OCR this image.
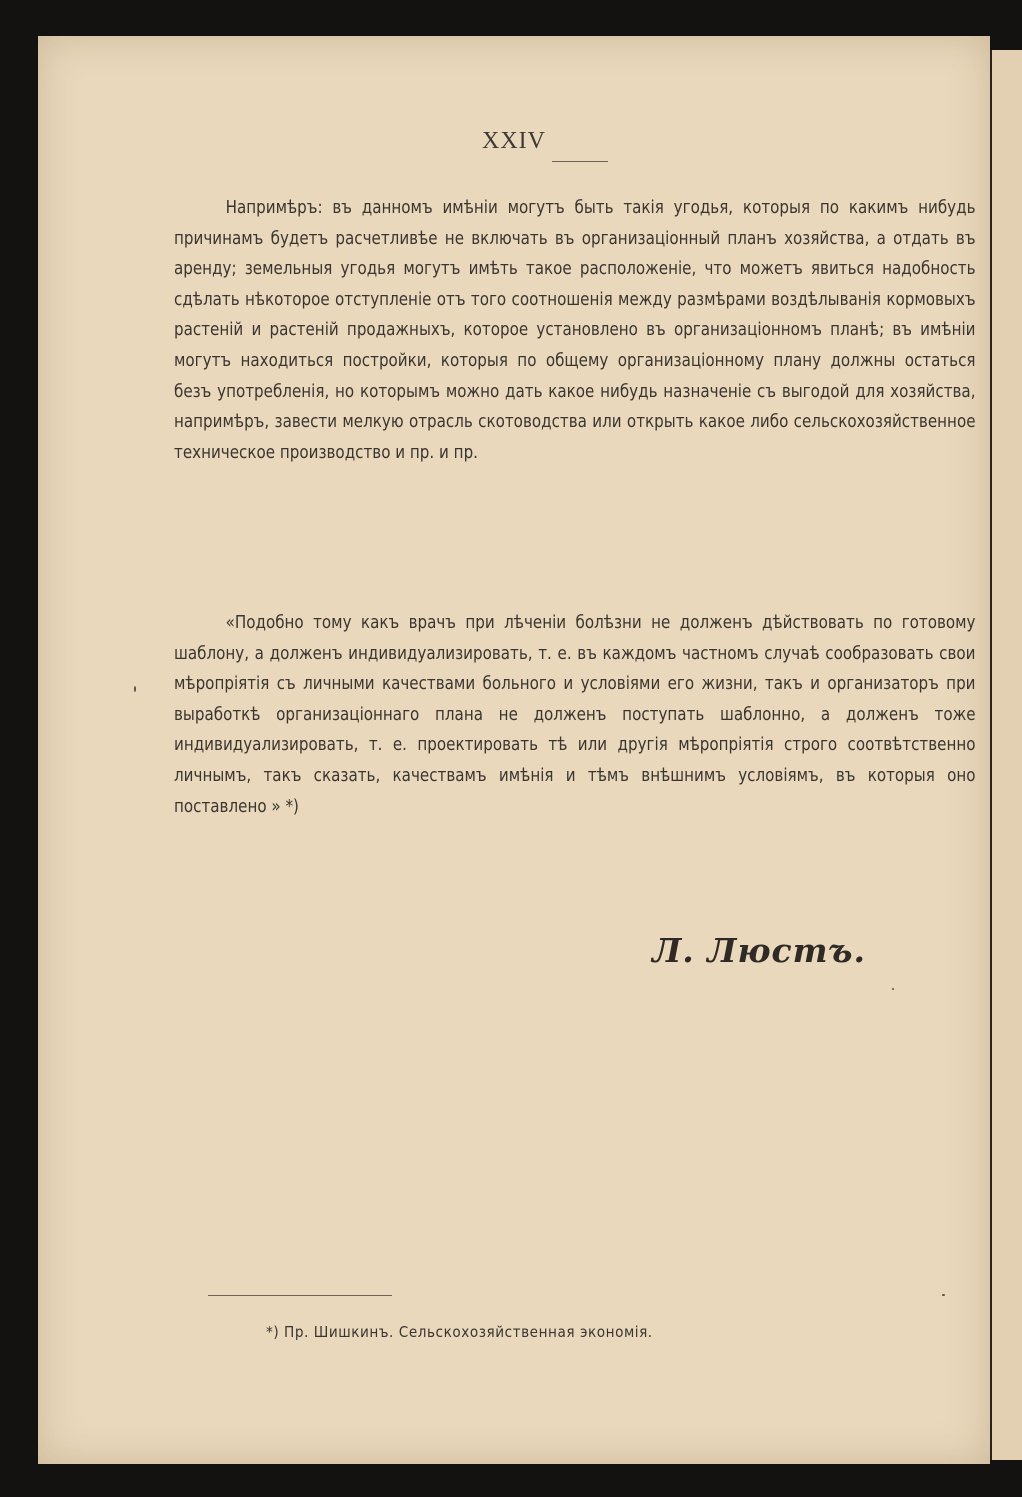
XXIV

Напримѣръ: въ данномъ имѣніи могутъ быть такія угодья, которыя по какимъ нибудь причинамъ будетъ расчетливѣе не включать въ организаціонный планъ хозяйства, а отдать въ аренду; земельныя угодья могутъ имѣть такое расположеніе, что можетъ явиться надобность сдѣлать нѣкоторое отступленіе отъ того соотношенія между размѣрами воздѣлыванія кормовыхъ растеній и растеній продажныхъ, которое установлено въ организаціонномъ планѣ; въ имѣніи могутъ находиться постройки, которыя по общему организаціонному плану должны остаться безъ употребленія, но которымъ можно дать какое нибудь назначеніе съ выгодой для хозяйства, напримѣръ, завести мелкую отрасль скотоводства или открыть какое либо сельскохозяйственное техническое производство и пр. и пр.

«Подобно тому какъ врачъ при лѣченіи болѣзни не долженъ дѣйствовать по готовому шаблону, а долженъ индивидуализировать, т. е. въ каждомъ частномъ случаѣ сообразовать свои мѣропріятія съ личными качествами больного и условіями его жизни, такъ и организаторъ при выработкѣ организаціоннаго плана не долженъ поступать шаблонно, а долженъ тоже индивидуализировать, т. е. проектировать тѣ или другія мѣропріятія строго соотвѣтственно личнымъ, такъ сказать, качествамъ имѣнія и тѣмъ внѣшнимъ условіямъ, въ которыя оно поставлено » *)

Л. Люстъ.
*) Пр. Шишкинъ. Сельскохозяйственная экономія.
